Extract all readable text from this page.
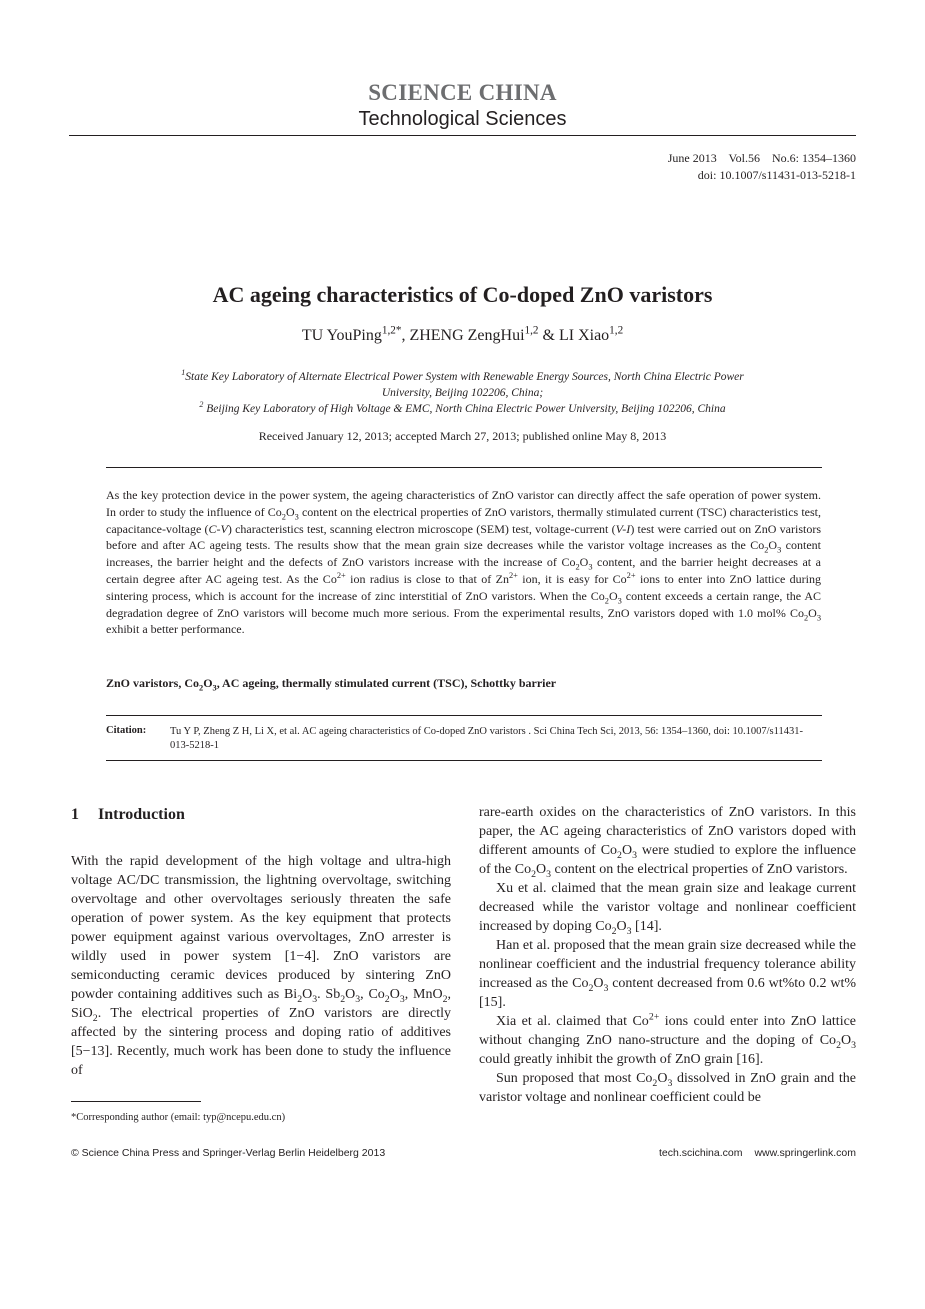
SCIENCE CHINA
Technological Sciences
June 2013    Vol.56    No.6: 1354–1360
doi: 10.1007/s11431-013-5218-1
AC ageing characteristics of Co-doped ZnO varistors
TU YouPing$^{1,2*}$, ZHENG ZengHui$^{1,2}$ & LI Xiao$^{1,2}$
$^1$State Key Laboratory of Alternate Electrical Power System with Renewable Energy Sources, North China Electric Power University, Beijing 102206, China;
$^2$ Beijing Key Laboratory of High Voltage & EMC, North China Electric Power University, Beijing 102206, China
Received January 12, 2013; accepted March 27, 2013; published online May 8, 2013
As the key protection device in the power system, the ageing characteristics of ZnO varistor can directly affect the safe operation of power system. In order to study the influence of $Co_2O_3$ content on the electrical properties of ZnO varistors, thermally stimulated current (TSC) characteristics test, capacitance-voltage (C-V) characteristics test, scanning electron microscope (SEM) test, voltage-current (V-I) test were carried out on ZnO varistors before and after AC ageing tests. The results show that the mean grain size decreases while the varistor voltage increases as the $Co_2O_3$ content increases, the barrier height and the defects of ZnO varistors increase with the increase of $Co_2O_3$ content, and the barrier height decreases at a certain degree after AC ageing test. As the $Co^{2+}$ ion radius is close to that of $Zn^{2+}$ ion, it is easy for $Co^{2+}$ ions to enter into ZnO lattice during sintering process, which is account for the increase of zinc interstitial of ZnO varistors. When the $Co_2O_3$ content exceeds a certain range, the AC degradation degree of ZnO varistors will become much more serious. From the experimental results, ZnO varistors doped with 1.0 mol% $Co_2O_3$ exhibit a better performance.
ZnO varistors, $Co_2O_3$, AC ageing, thermally stimulated current (TSC), Schottky barrier
Citation: Tu Y P, Zheng Z H, Li X, et al. AC ageing characteristics of Co-doped ZnO varistors . Sci China Tech Sci, 2013, 56: 1354–1360, doi: 10.1007/s11431-013-5218-1
1 Introduction

With the rapid development of the high voltage and ultra-high voltage AC/DC transmission, the lightning overvoltage, switching overvoltage and other overvoltages seriously threaten the safe operation of power system. As the key equipment that protects power equipment against various overvoltages, ZnO arrester is wildly used in power system [1−4]. ZnO varistors are semiconducting ceramic devices produced by sintering ZnO powder containing additives such as $Bi_2O_3$. $Sb_2O_3$, $Co_2O_3$, MnO$_2$, SiO$_2$. The electrical properties of ZnO varistors are directly affected by the sintering process and doping ratio of additives [5−13]. Recently, much work has been done to study the influence of

rare-earth oxides on the characteristics of ZnO varistors. In this paper, the AC ageing characteristics of ZnO varistors doped with different amounts of $Co_2O_3$ were studied to explore the influence of the $Co_2O_3$ content on the electrical properties of ZnO varistors.

Xu et al. claimed that the mean grain size and leakage current decreased while the varistor voltage and nonlinear coefficient increased by doping $Co_2O_3$ [14].

Han et al. proposed that the mean grain size decreased while the nonlinear coefficient and the industrial frequency tolerance ability increased as the $Co_2O_3$ content decreased from 0.6 wt%to 0.2 wt% [15].

Xia et al. claimed that $Co^{2+}$ ions could enter into ZnO lattice without changing ZnO nano-structure and the doping of $Co_2O_3$ could greatly inhibit the growth of ZnO grain [16].

Sun proposed that most $Co_2O_3$ dissolved in ZnO grain and the varistor voltage and nonlinear coefficient could be

*Corresponding author (email: typ@ncepu.edu.cn)
© Science China Press and Springer-Verlag Berlin Heidelberg 2013	tech.scichina.com www.springerlink.com
